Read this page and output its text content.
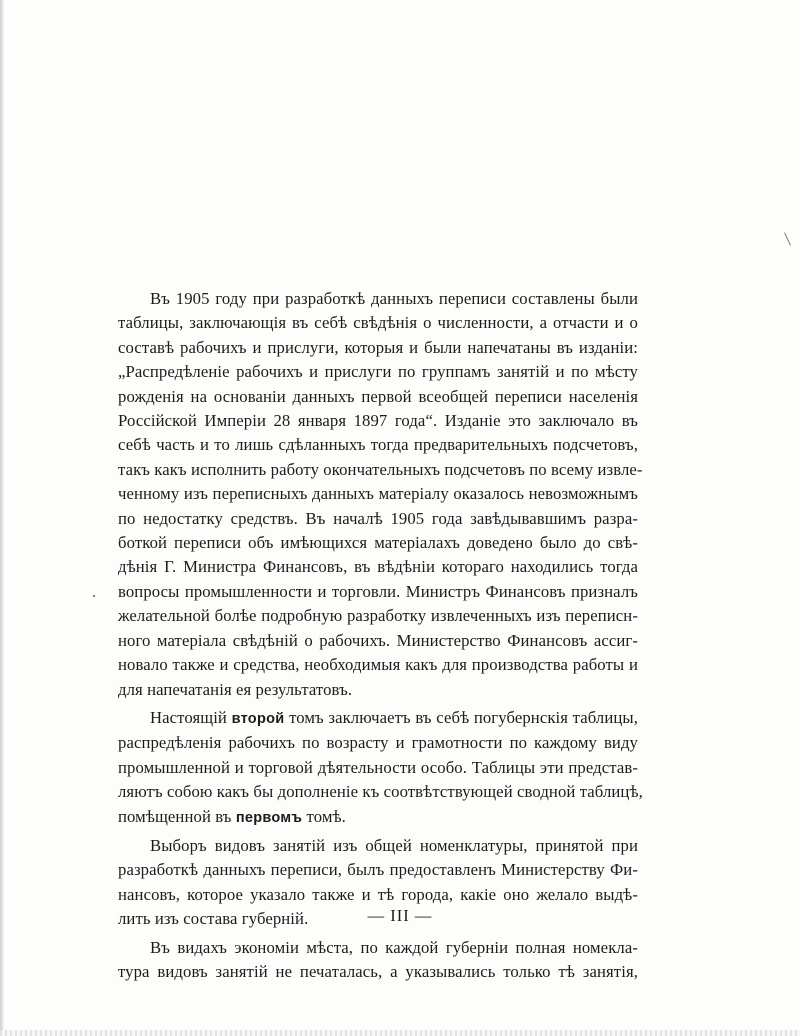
Въ 1905 году при разработкѣ данныхъ переписи составлены были
таблицы, заключающія въ себѣ свѣдѣнія о численности, а отчасти и о
составѣ рабочихъ и прислуги, которыя и были напечатаны въ изданіи:
„Распредѣленіе рабочихъ и прислуги по группамъ занятій и по мѣсту
рожденія на основаніи данныхъ первой всеобщей переписи населенія
Россійской Имперіи 28 января 1897 года“. Изданіе это заключало въ
себѣ часть и то лишь сдѣланныхъ тогда предварительныхъ подсчетовъ,
такъ какъ исполнить работу окончательныхъ подсчетовъ по всему извле-
ченному изъ переписныхъ данныхъ матеріалу оказалось невозможнымъ
по недостатку средствъ. Въ началѣ 1905 года завѣдывавшимъ разра-
боткой переписи объ имѣющихся матеріалахъ доведено было до свѣ-
дѣнія Г. Министра Финансовъ, въ вѣдѣніи котораго находились тогда
вопросы промышленности и торговли. Министръ Финансовъ призналъ
желательной болѣе подробную разработку извлеченныхъ изъ переписн-
ного матеріала свѣдѣній о рабочихъ. Министерство Финансовъ ассиг-
новало также и средства, необходимыя какъ для производства работы и
для напечатанія ея результатовъ.
Настоящій второй томъ заключаетъ въ себѣ погубернскія таблицы,
распредѣленія рабочихъ по возрасту и грамотности по каждому виду
промышленной и торговой дѣятельности особо. Таблицы эти представ-
ляютъ собою какъ бы дополненіе къ соотвѣтствующей сводной таблицѣ,
помѣщенной въ первомъ томѣ.
Выборъ видовъ занятій изъ общей номенклатуры, принятой при
разработкѣ данныхъ переписи, былъ предоставленъ Министерству Фи-
нансовъ, которое указало также и тѣ города, какіе оно желало выдѣ-
лить изъ состава губерній.
Въ видахъ экономіи мѣста, по каждой губерніи полная номекла-
тура видовъ занятій не печаталась, а указывались только тѣ занятія,
— III —
